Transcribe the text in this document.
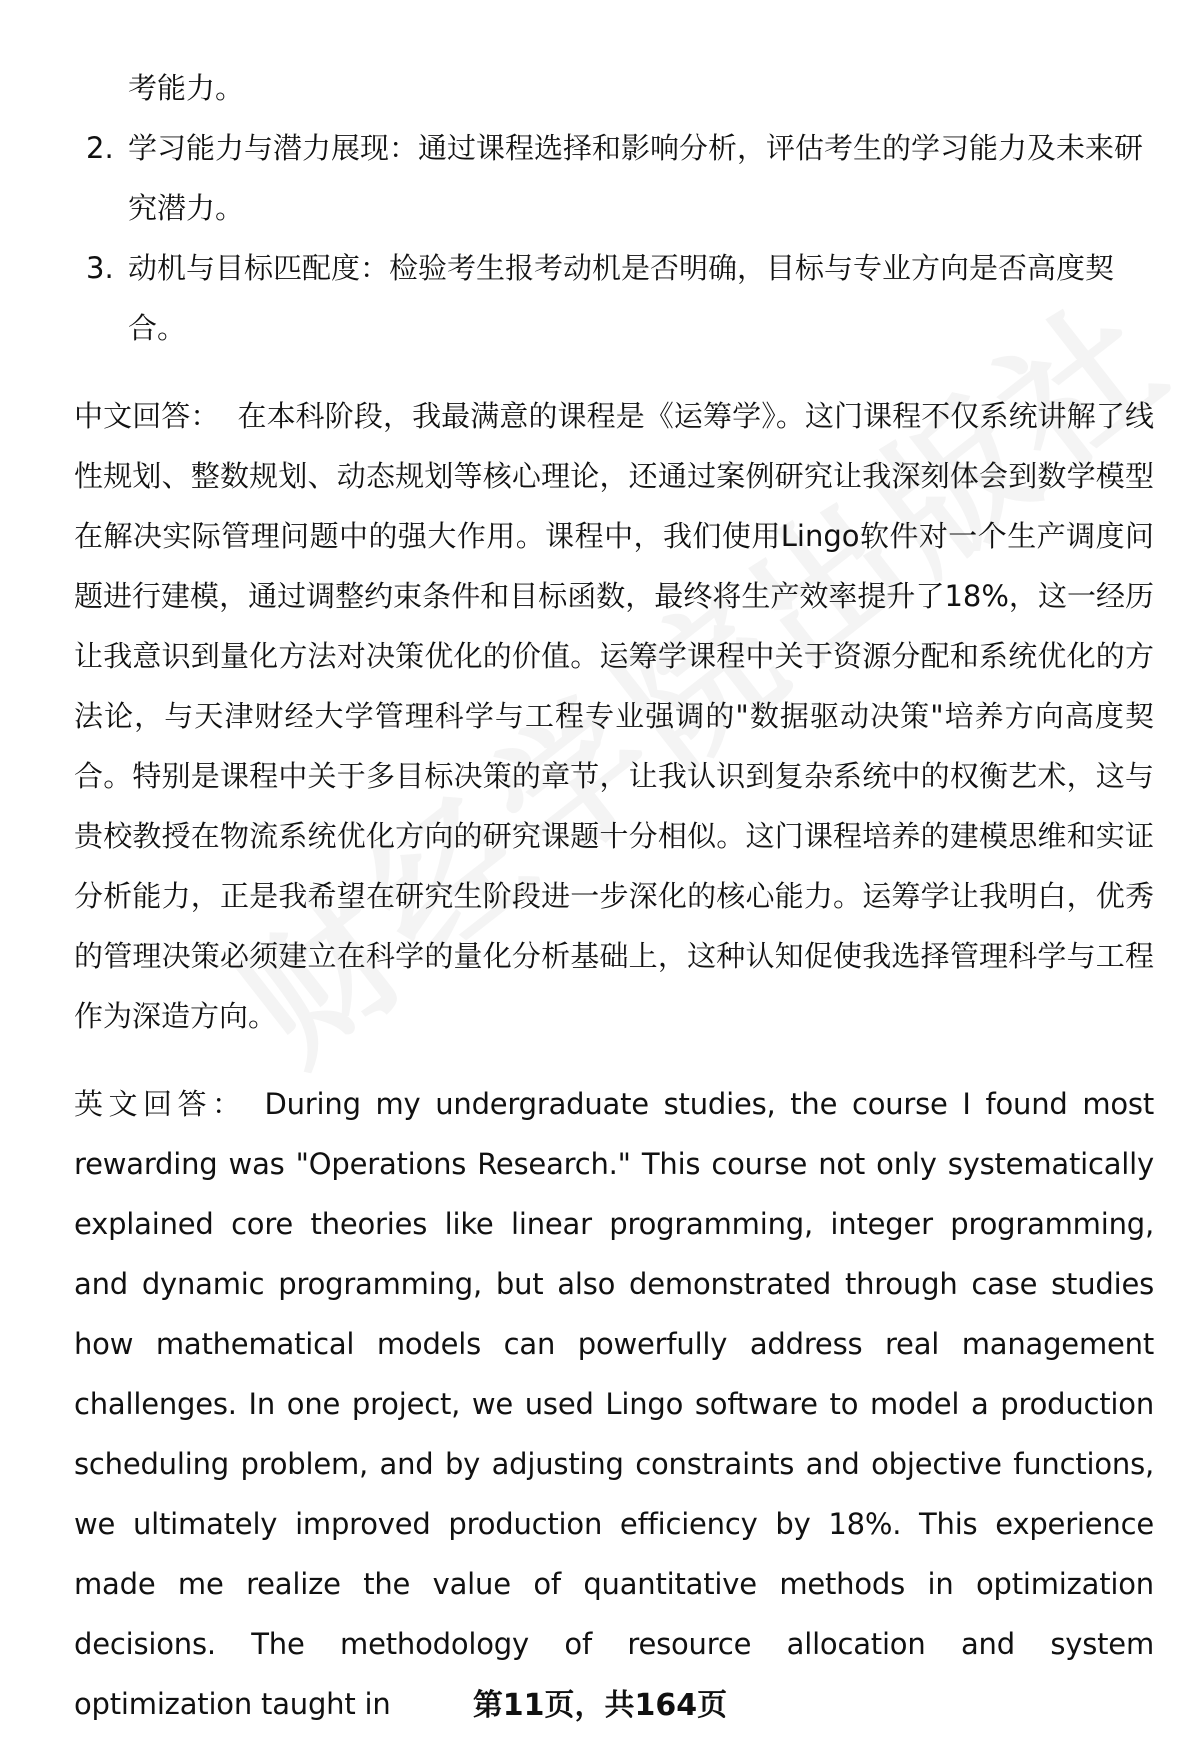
考能力。
2. 学习能力与潜力展现：通过课程选择和影响分析，评估考生的学习能力及未来研究潜力。
3. 动机与目标匹配度：检验考生报考动机是否明确，目标与专业方向是否高度契合。

中文回答： 在本科阶段，我最满意的课程是《运筹学》。这门课程不仅系统讲解了线性规划、整数规划、动态规划等核心理论，还通过案例研究让我深刻体会到数学模型在解决实际管理问题中的强大作用。课程中，我们使用Lingo软件对一个生产调度问题进行建模，通过调整约束条件和目标函数，最终将生产效率提升了18%，这一经历让我意识到量化方法对决策优化的价值。运筹学课程中关于资源分配和系统优化的方法论，与天津财经大学管理科学与工程专业强调的"数据驱动决策"培养方向高度契合。特别是课程中关于多目标决策的章节，让我认识到复杂系统中的权衡艺术，这与贵校教授在物流系统优化方向的研究课题十分相似。这门课程培养的建模思维和实证分析能力，正是我希望在研究生阶段进一步深化的核心能力。运筹学让我明白，优秀的管理决策必须建立在科学的量化分析基础上，这种认知促使我选择管理科学与工程作为深造方向。

英文回答： During my undergraduate studies, the course I found most rewarding was "Operations Research." This course not only systematically explained core theories like linear programming, integer programming, and dynamic programming, but also demonstrated through case studies how mathematical models can powerfully address real management challenges. In one project, we used Lingo software to model a production scheduling problem, and by adjusting constraints and objective functions, we ultimately improved production efficiency by 18%. This experience made me realize the value of quantitative methods in optimization decisions. The methodology of resource allocation and system optimization taught in	第11页，共164页
